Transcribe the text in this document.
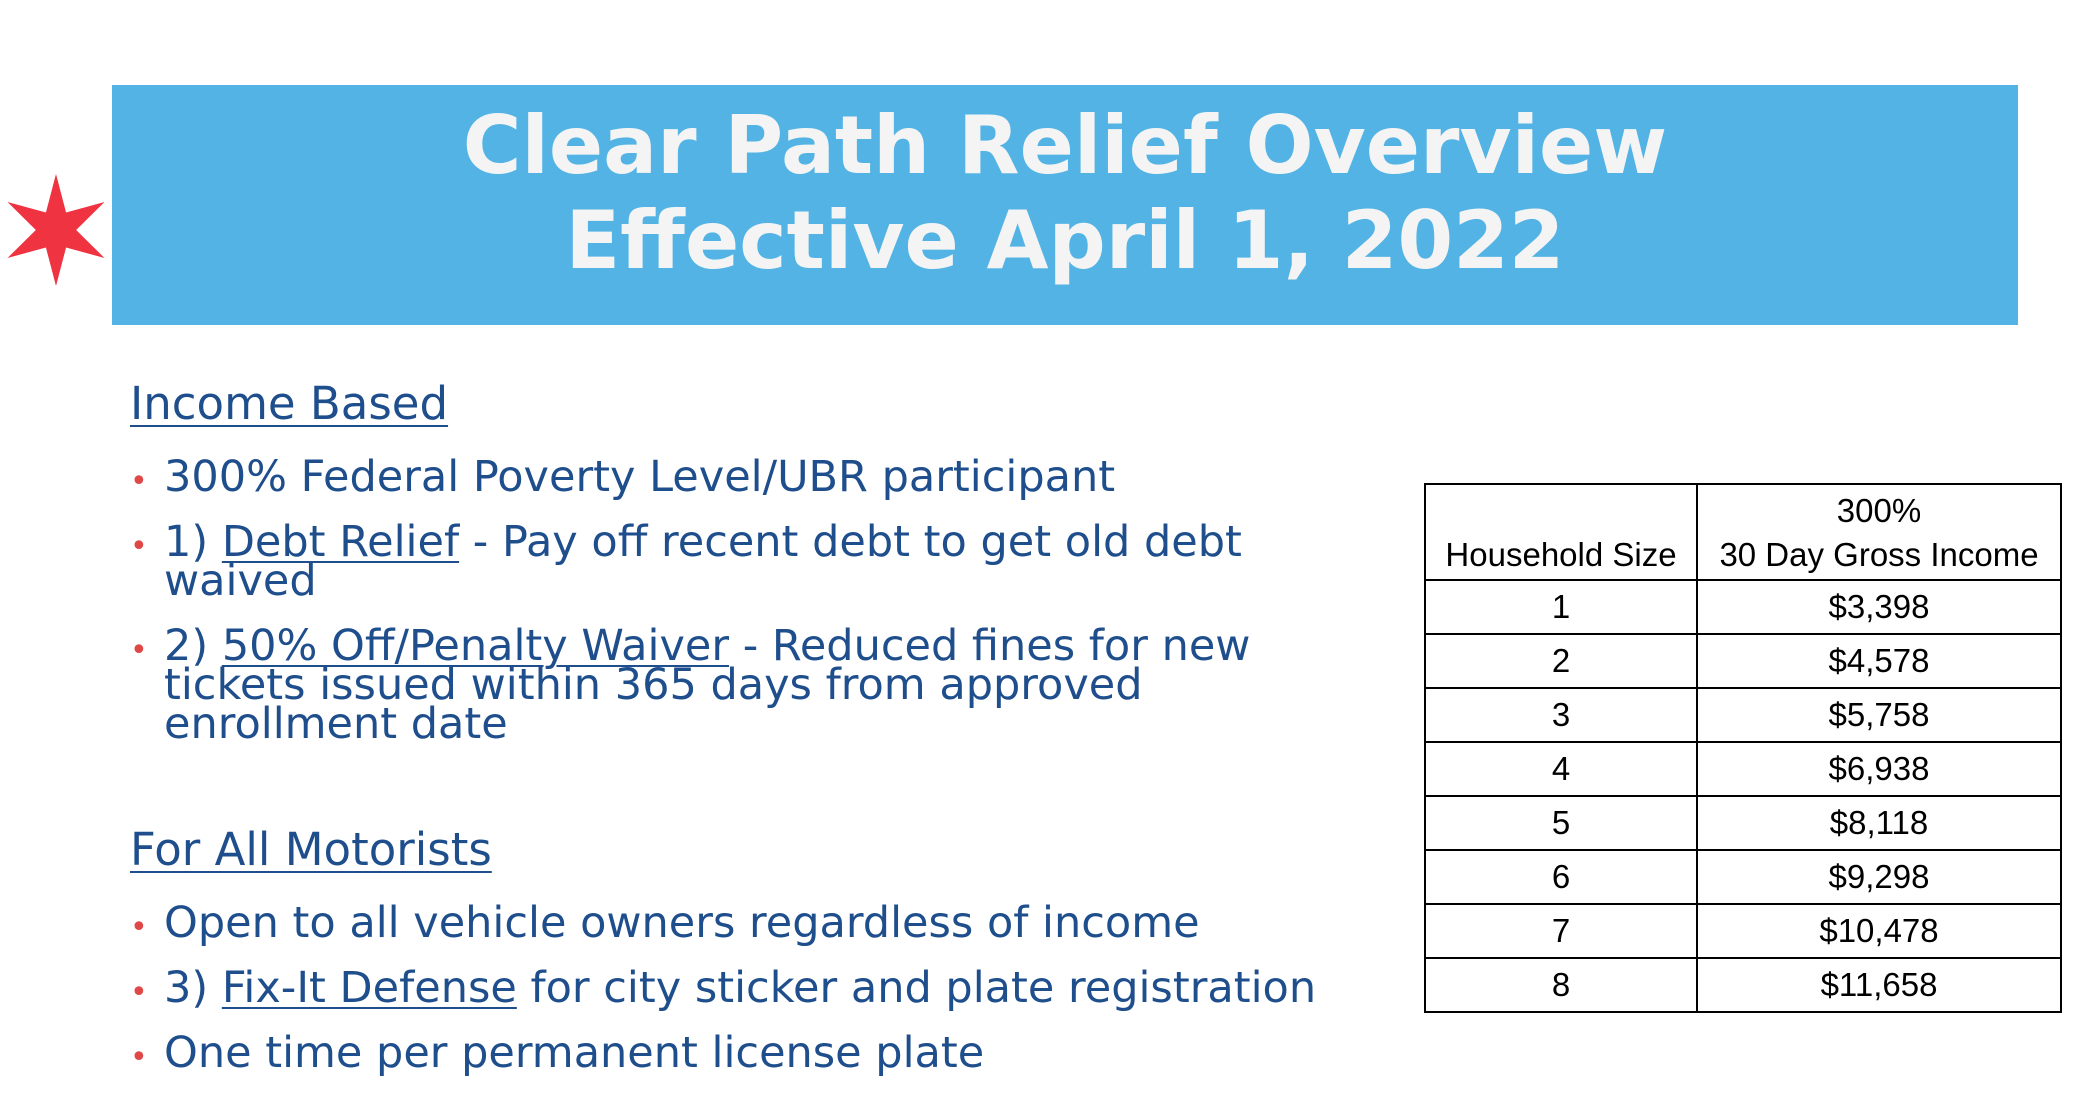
Clear Path Relief Overview
Effective April 1, 2022

Income Based

• 300% Federal Poverty Level/UBR participant
• 1) Debt Relief - Pay off recent debt to get old debt waived
• 2) 50% Off/Penalty Waiver - Reduced fines for new tickets issued within 365 days from approved enrollment date

For All Motorists

• Open to all vehicle owners regardless of income
• 3) Fix-It Defense for city sticker and plate registration
• One time per permanent license plate
Household Size	300%
30 Day Gross Income

1	$3,398
2	$4,578
3	$5,758
4	$6,938
5	$8,118
6	$9,298
7	$10,478
8	$11,658
